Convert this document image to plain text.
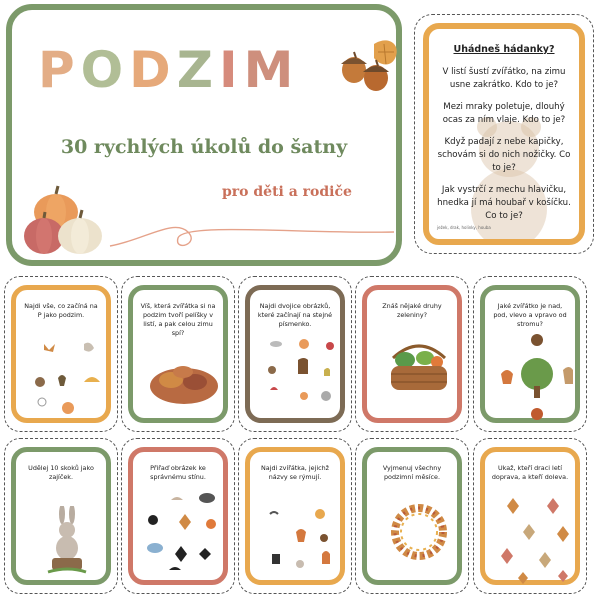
P O D Z I M
30 rychlých úkolů do šatny
pro děti a rodiče
Uhádneš hádanky?

V listí šustí zvířátko, na zimu usne zakrátko. Kdo to je?

Mezi mraky poletuje, dlouhý ocas za ním vlaje. Kdo to je?

Když padají z nebe kapičky, schovám si do nich nožičky. Co to je?

Jak vystrčí z mechu hlavičku, hnedka jí má houbař v košíčku. Co to je?

ježek, drak, holinky, houba
Najdi vše, co začíná na P jako podzim.
Víš, která zvířátka si na podzim tvoří pelíšky v listí, a pak celou zimu spí?
Najdi dvojice obrázků, které začínají na stejné písmenko.
Znáš nějaké druhy zeleniny?
Jaké zvířátko je nad, pod, vlevo a vpravo od stromu?
Udělej 10 skoků jako zajíček.
Přiřaď obrázek ke správnému stínu.
Najdi zvířátka, jejichž názvy se rýmují.
Vyjmenuj všechny podzimní měsíce.
Ukaž, kteří draci letí doprava, a kteří doleva.
